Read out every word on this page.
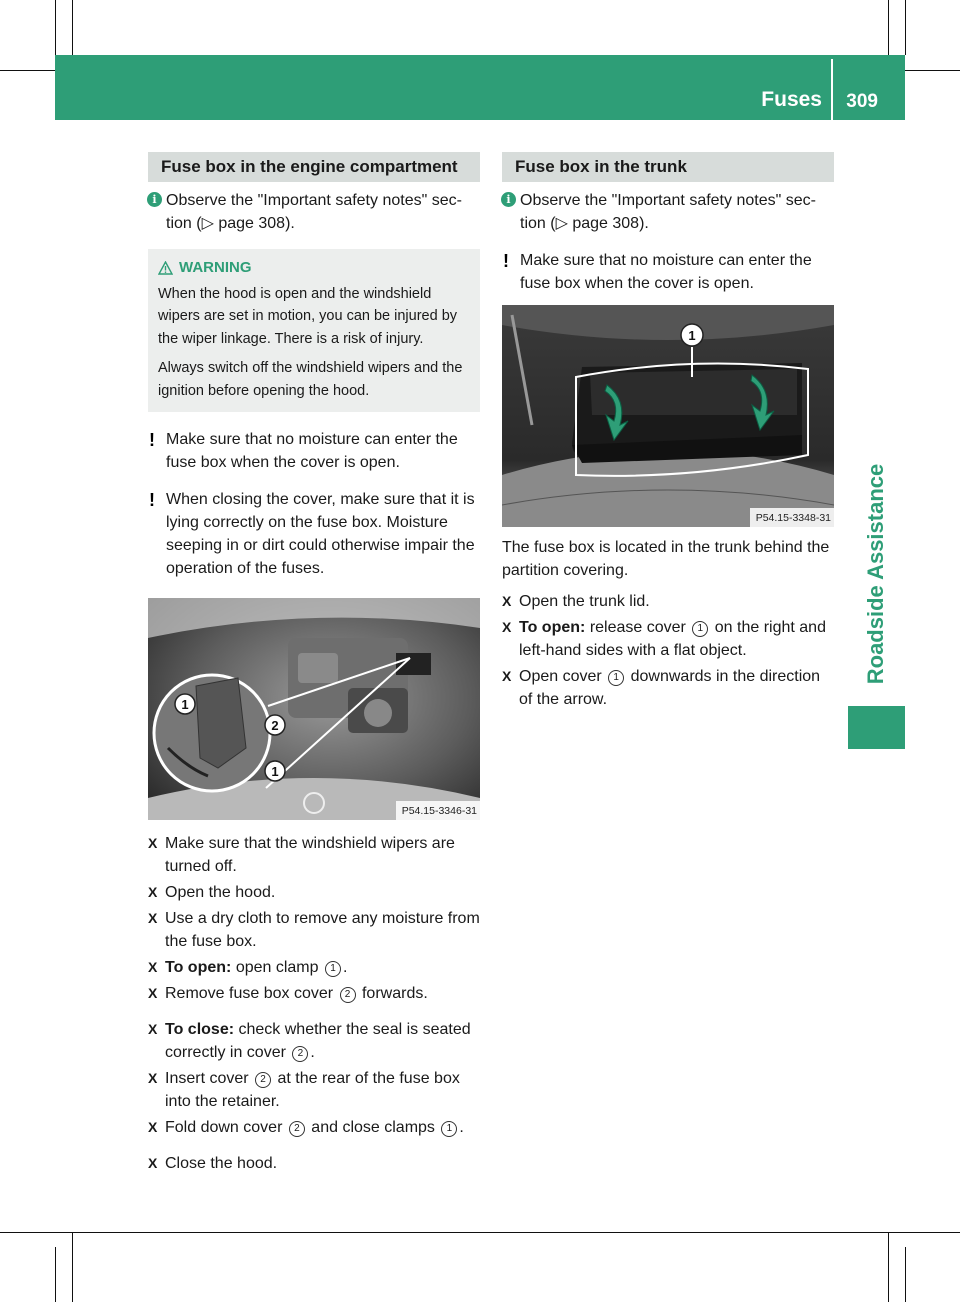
Fuses 309
Roadside Assistance
Fuse box in the engine compartment
i Observe the "Important safety notes" sec-tion (▷ page 308).
WARNING

When the hood is open and the windshield wipers are set in motion, you can be injured by the wiper linkage. There is a risk of injury.

Always switch off the windshield wipers and the ignition before opening the hood.

! Make sure that no moisture can enter the fuse box when the cover is open.
! When closing the cover, make sure that it is lying correctly on the fuse box. Moisture seeping in or dirt could otherwise impair the operation of the fuses.
1
2
1
P54.15-3346-31
X Make sure that the windshield wipers are turned off.
X Open the hood.
X Use a dry cloth to remove any moisture from the fuse box.
X To open: open clamp 1 .
X Remove fuse box cover 2 forwards.
X To close: check whether the seal is seated correctly in cover 2 .
X Insert cover 2 at the rear of the fuse box into the retainer.
X Fold down cover 2 and close clamps 1 .
X Close the hood.
Fuse box in the trunk
i Observe the "Important safety notes" sec-tion (▷ page 308).
! Make sure that no moisture can enter the fuse box when the cover is open.
1
P54.15-3348-31

The fuse box is located in the trunk behind the partition covering.

X Open the trunk lid.
X To open: release cover 1 on the right and left-hand sides with a flat object.
X Open cover 1 downwards in the direction of the arrow.
